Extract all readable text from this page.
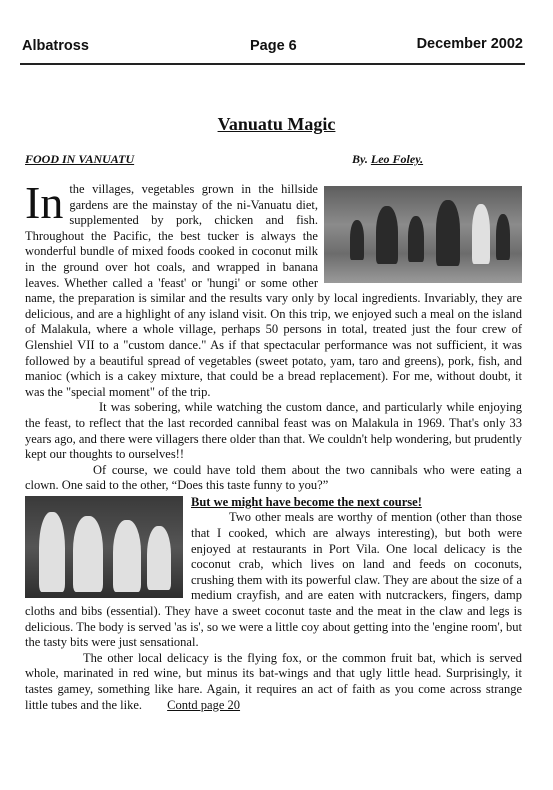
Albatross	Page 6	December 2002
Vanuatu Magic
FOOD IN VANUATU	By. Leo Foley.

In the villages, vegetables grown in the hillside gardens are the mainstay of the ni-Vanuatu diet, supplemented by pork, chicken and fish. Throughout the Pacific, the best tucker is always the wonderful bundle of mixed foods cooked in coconut milk in the ground over hot coals, and wrapped in banana leaves. Whether called a 'feast' or 'hungi' or some other name, the preparation is similar and the results vary only by local ingredients. Invariably, they are delicious, and are a highlight of any island visit. On this trip, we enjoyed such a meal on the island of Malakula, where a whole village, perhaps 50 persons in total, treated just the four crew of Glenshiel VII to a "custom dance." As if that spectacular performance was not sufficient, it was followed by a beautiful spread of vegetables (sweet potato, yam, taro and greens), pork, fish, and manioc (which is a cakey mixture, that could be a bread replacement). For me, without doubt, it was the "special moment" of the trip.

It was sobering, while watching the custom dance, and particularly while enjoying the feast, to reflect that the last recorded cannibal feast was on Malakula in 1969. That's only 33 years ago, and there were villagers there older than that. We couldn't help wondering, but prudently kept our thoughts to ourselves!!

Of course, we could have told them about the two cannibals who were eating a clown. One said to the other, “Does this taste funny to you?”

But we might have become the next course!

Two other meals are worthy of mention (other than those that I cooked, which are always interesting), but both were enjoyed at restaurants in Port Vila. One local delicacy is the coconut crab, which lives on land and feeds on coconuts, crushing them with its powerful claw. They are about the size of a medium crayfish, and are eaten with nutcrackers, fingers, damp cloths and bibs (essential). They have a sweet coconut taste and the meat in the claw and legs is delicious. The body is served 'as is', so we were a little coy about getting into the 'engine room', but the tasty bits were just sensational.

The other local delicacy is the flying fox, or the common fruit bat, which is served whole, marinated in red wine, but minus its bat-wings and that ugly little head. Surprisingly, it tastes gamey, something like hare. Again, it requires an act of faith as you come across strange little tubes and the like. Contd page 20
